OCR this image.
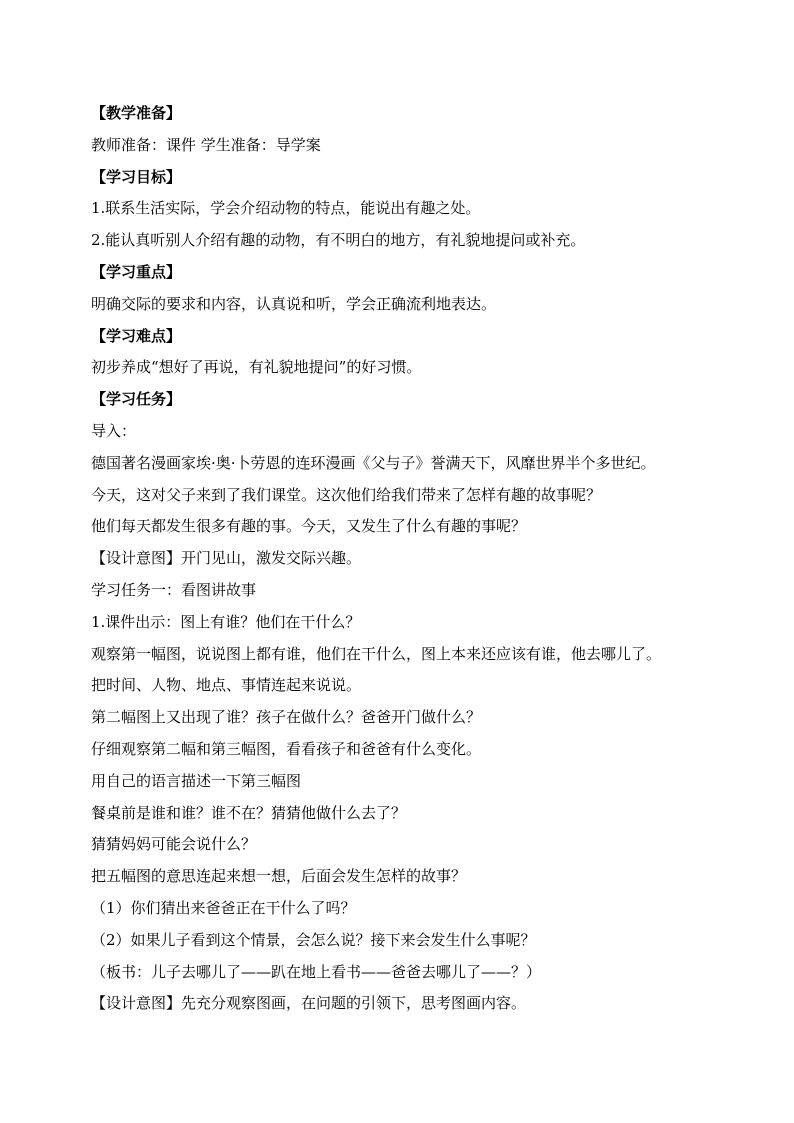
【教学准备】
教师准备：课件 学生准备：导学案
【学习目标】
1.联系生活实际，学会介绍动物的特点，能说出有趣之处。
2.能认真听别人介绍有趣的动物，有不明白的地方，有礼貌地提问或补充。
【学习重点】
明确交际的要求和内容，认真说和听，学会正确流利地表达。
【学习难点】
初步养成“想好了再说，有礼貌地提问”的好习惯。
【学习任务】
导入：
德国著名漫画家埃·奥·卜劳恩的连环漫画《父与子》誉满天下，风靡世界半个多世纪。
今天，这对父子来到了我们课堂。这次他们给我们带来了怎样有趣的故事呢？
他们每天都发生很多有趣的事。今天，又发生了什么有趣的事呢？
【设计意图】开门见山，激发交际兴趣。
学习任务一：看图讲故事
1.课件出示：图上有谁？他们在干什么？
观察第一幅图，说说图上都有谁，他们在干什么，图上本来还应该有谁，他去哪儿了。
把时间、人物、地点、事情连起来说说。
第二幅图上又出现了谁？孩子在做什么？爸爸开门做什么？
仔细观察第二幅和第三幅图，看看孩子和爸爸有什么变化。
用自己的语言描述一下第三幅图
餐桌前是谁和谁？谁不在？猜猜他做什么去了？
猜猜妈妈可能会说什么？
把五幅图的意思连起来想一想，后面会发生怎样的故事？
（1）你们猜出来爸爸正在干什么了吗？
（2）如果儿子看到这个情景，会怎么说？接下来会发生什么事呢？
（板书：儿子去哪儿了——趴在地上看书——爸爸去哪儿了——？）
【设计意图】先充分观察图画，在问题的引领下，思考图画内容。
